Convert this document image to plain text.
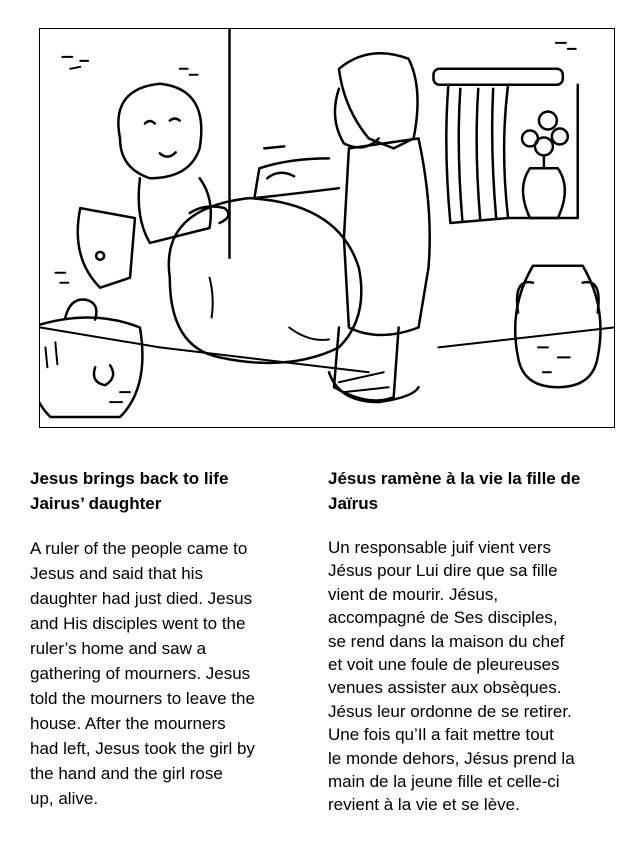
Jesus brings back to life
Jairus’ daughter

A ruler of the people came to
Jesus and said that his
daughter had just died. Jesus
and His disciples went to the
ruler’s home and saw a
gathering of mourners. Jesus
told the mourners to leave the
house. After the mourners
had left, Jesus took the girl by
the hand and the girl rose
up, alive.

Jésus ramène à la vie la fille de
Jaïrus

Un responsable juif vient vers
Jésus pour Lui dire que sa fille
vient de mourir. Jésus,
accompagné de Ses disciples,
se rend dans la maison du chef
et voit une foule de pleureuses
venues assister aux obsèques.
Jésus leur ordonne de se retirer.
Une fois qu’Il a fait mettre tout
le monde dehors, Jésus prend la
main de la jeune fille et celle-ci
revient à la vie et se lève.
